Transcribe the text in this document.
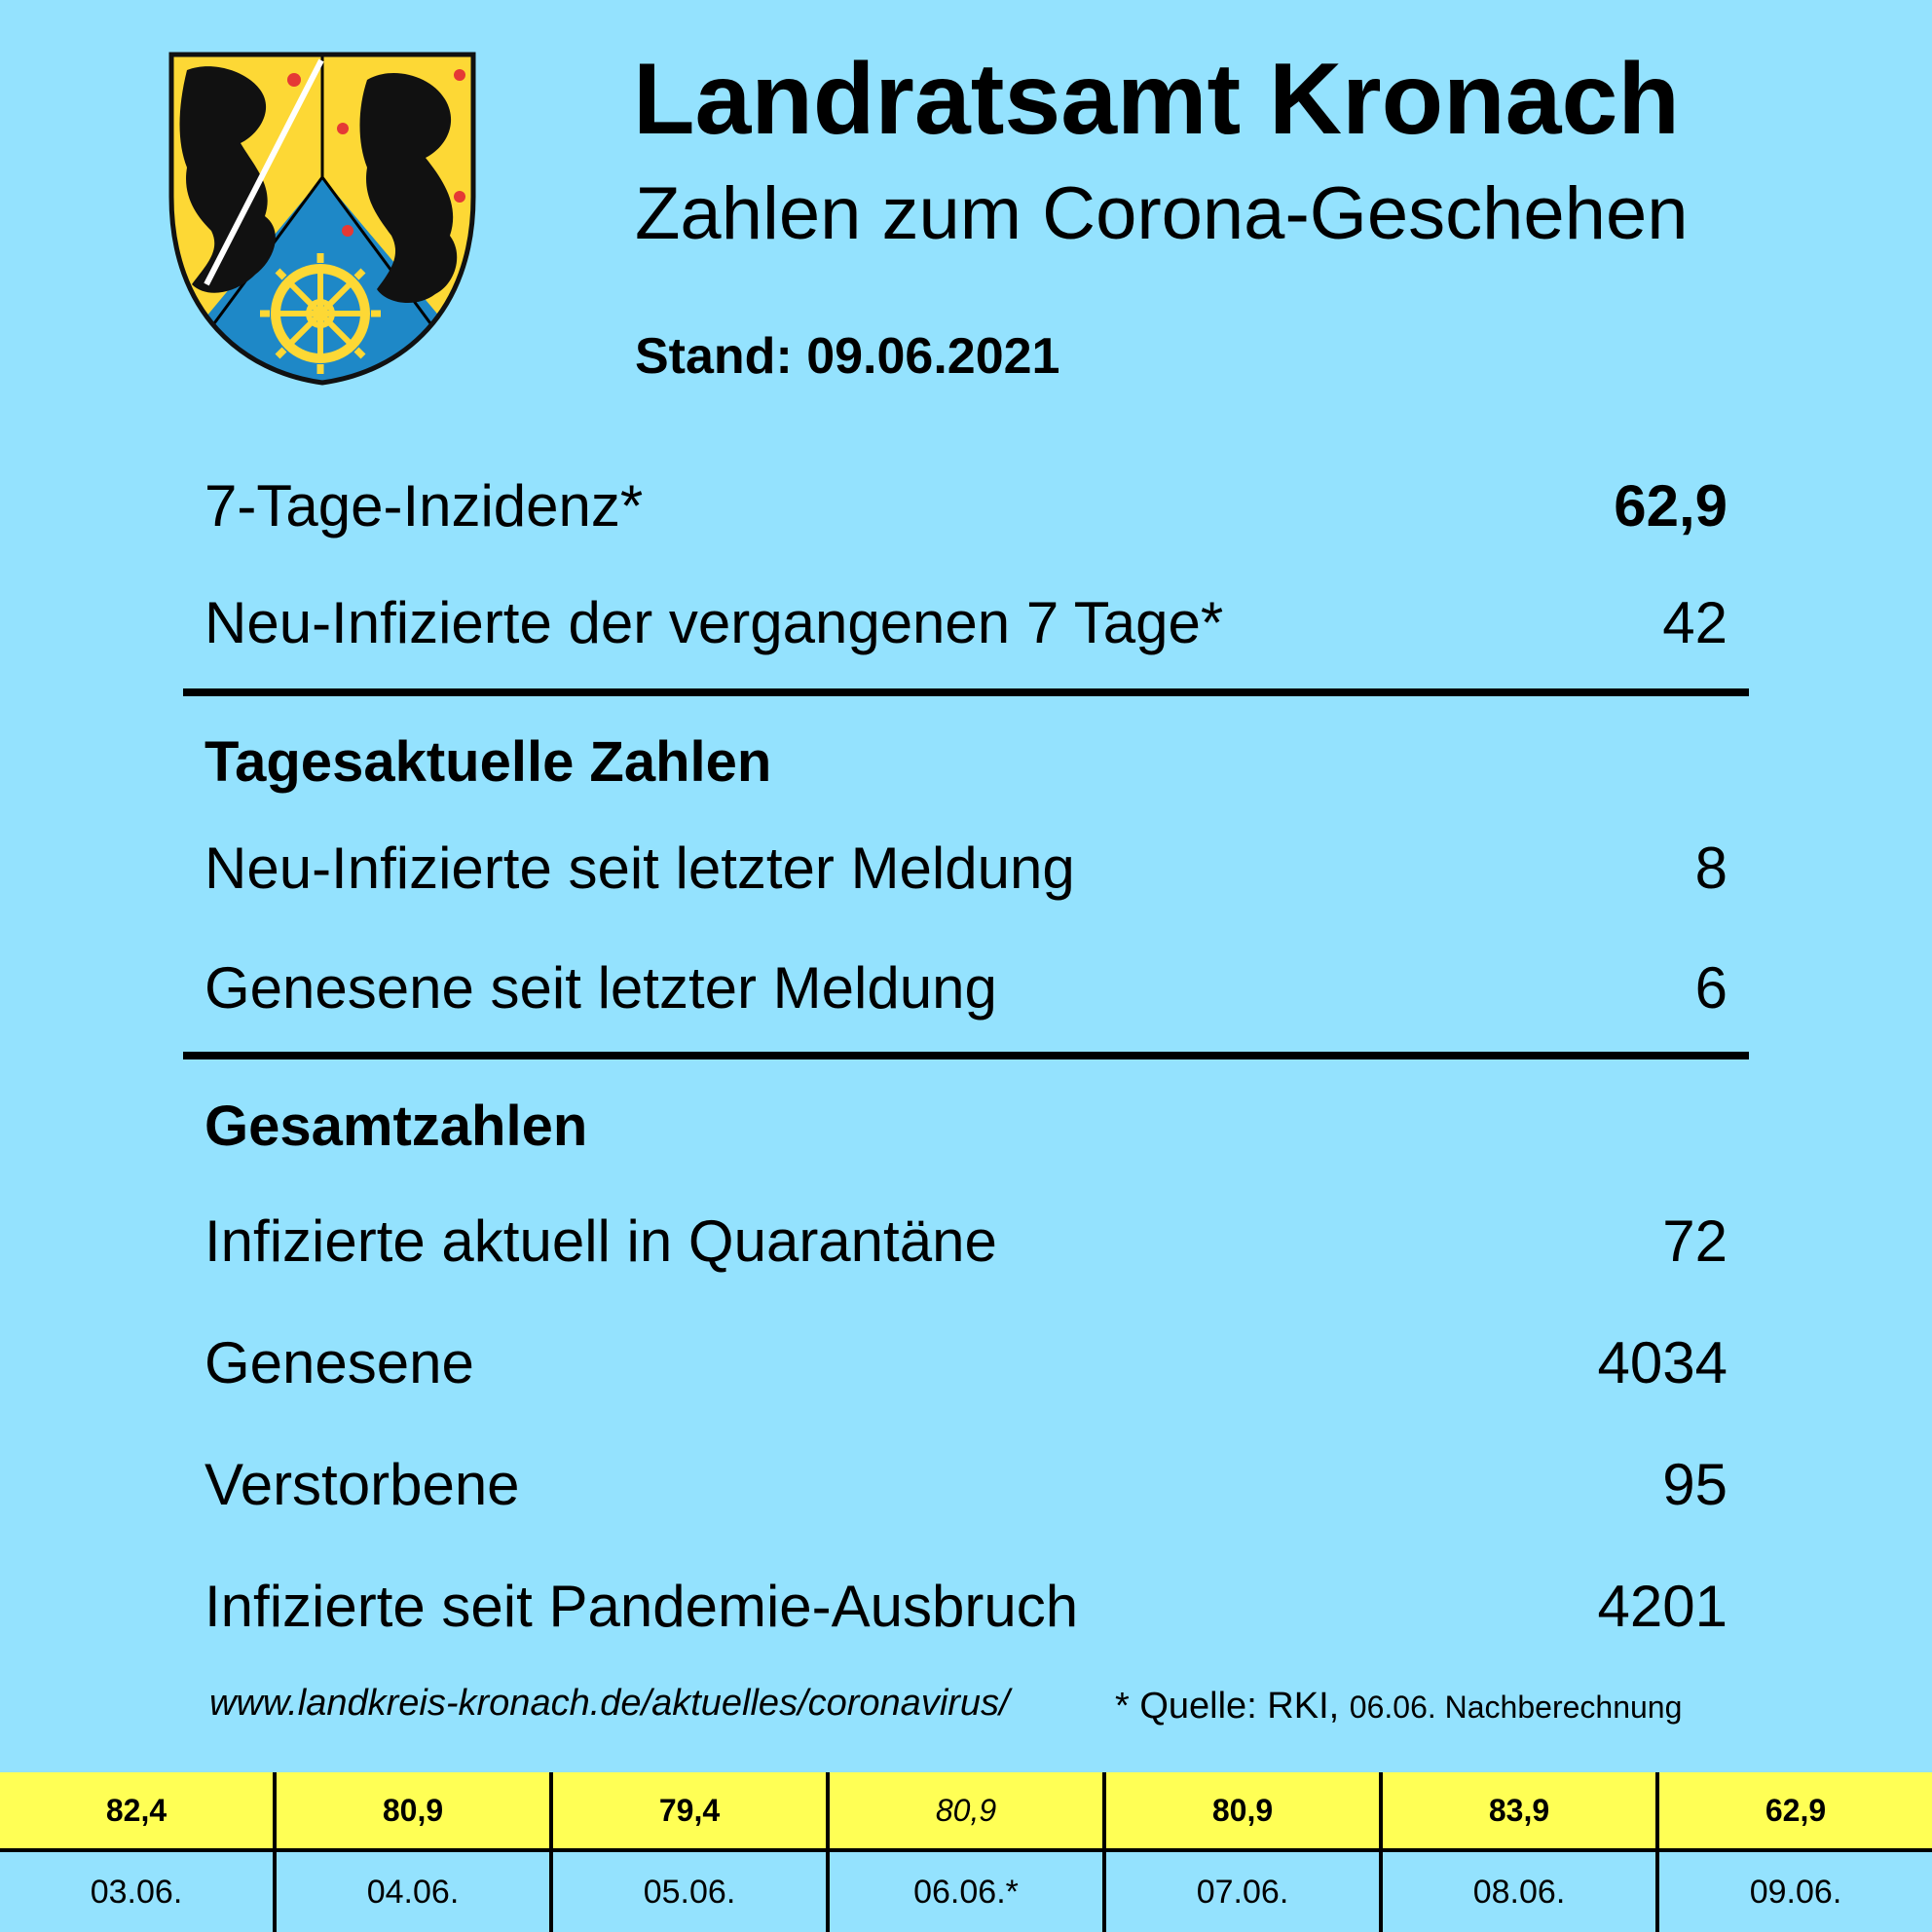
Landratsamt Kronach
Zahlen zum Corona-Geschehen
Stand: 09.06.2021
7-Tage-Inzidenz*	62,9
Neu-Infizierte der vergangenen 7 Tage*	42
Tagesaktuelle Zahlen
Neu-Infizierte seit letzter Meldung	8
Genesene seit letzter Meldung	6
Gesamtzahlen
Infizierte aktuell in Quarantäne	72
Genesene	4034
Verstorbene	95
Infizierte seit Pandemie-Ausbruch	4201
www.landkreis-kronach.de/aktuelles/coronavirus/	* Quelle: RKI, 06.06. Nachberechnung
82,4	80,9	79,4	80,9	80,9	83,9	62,9
03.06.	04.06.	05.06.	06.06.*	07.06.	08.06.	09.06.
